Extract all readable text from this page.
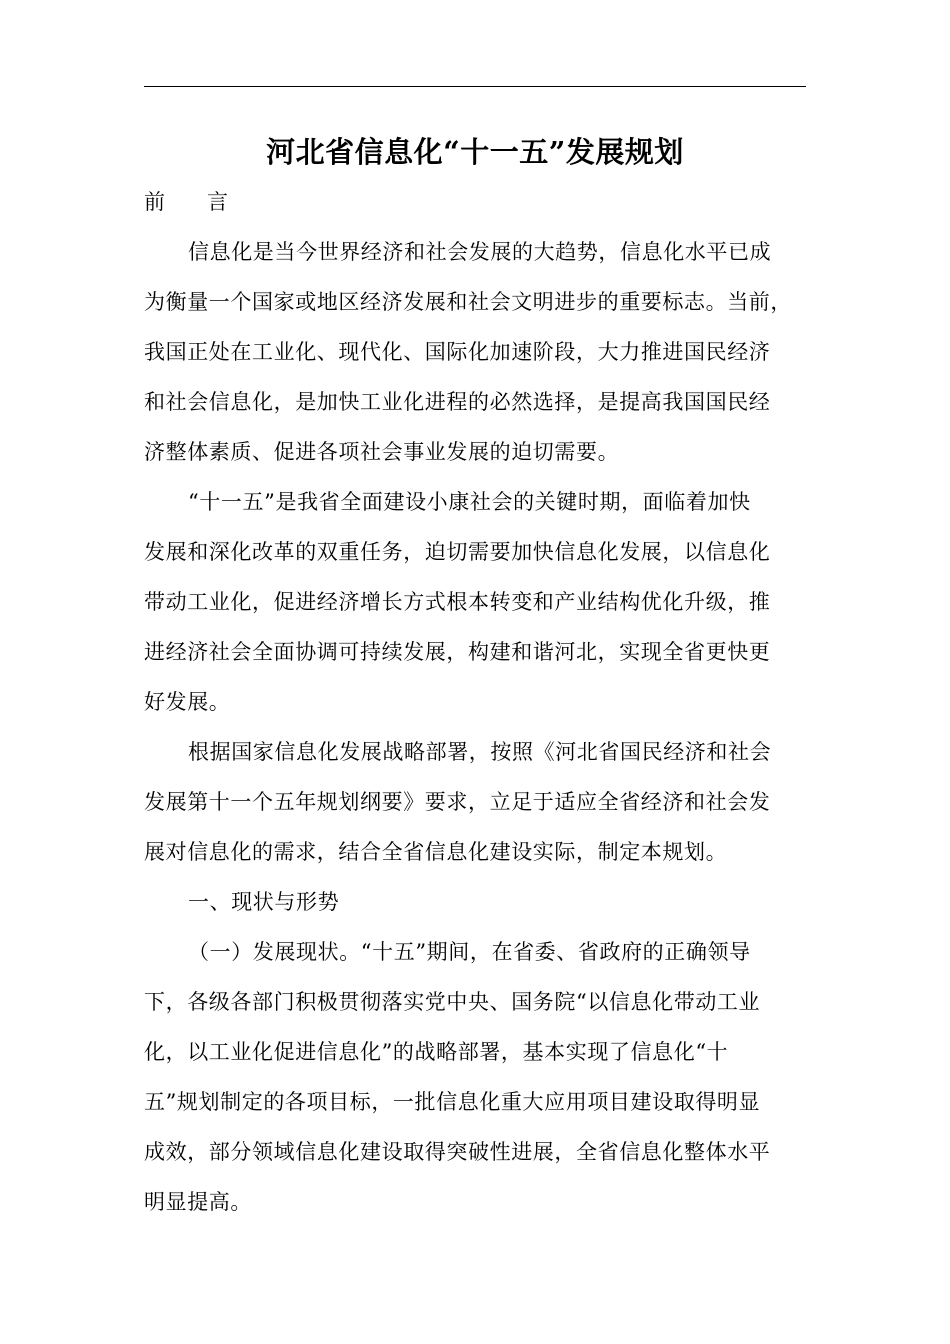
河北省信息化“十一五”发展规划
前　　言
信息化是当今世界经济和社会发展的大趋势，信息化水平已成
为衡量一个国家或地区经济发展和社会文明进步的重要标志。当前，
我国正处在工业化、现代化、国际化加速阶段，大力推进国民经济
和社会信息化，是加快工业化进程的必然选择，是提高我国国民经
济整体素质、促进各项社会事业发展的迫切需要。
“十一五”是我省全面建设小康社会的关键时期，面临着加快
发展和深化改革的双重任务，迫切需要加快信息化发展，以信息化
带动工业化，促进经济增长方式根本转变和产业结构优化升级，推
进经济社会全面协调可持续发展，构建和谐河北，实现全省更快更
好发展。
根据国家信息化发展战略部署，按照《河北省国民经济和社会
发展第十一个五年规划纲要》要求，立足于适应全省经济和社会发
展对信息化的需求，结合全省信息化建设实际，制定本规划。
一、现状与形势
（一）发展现状。“十五”期间，在省委、省政府的正确领导
下，各级各部门积极贯彻落实党中央、国务院“以信息化带动工业
化，以工业化促进信息化”的战略部署，基本实现了信息化“十
五”规划制定的各项目标，一批信息化重大应用项目建设取得明显
成效，部分领域信息化建设取得突破性进展，全省信息化整体水平
明显提高。
